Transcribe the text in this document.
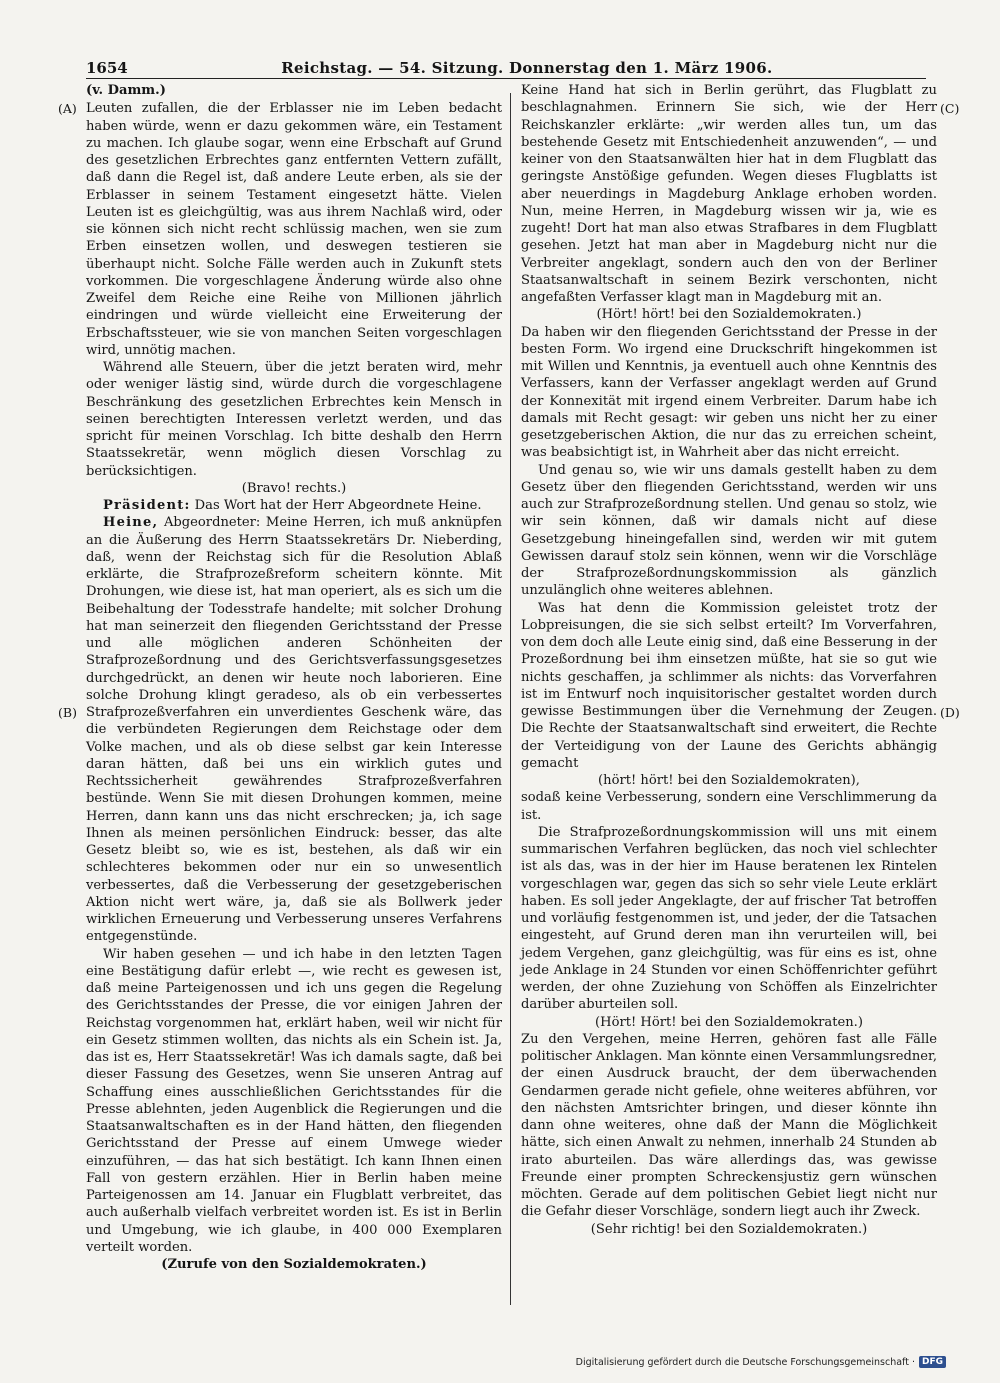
1654	Reichstag. — 54. Sitzung. Donnerstag den 1. März 1906.
(A)
(B)
(C)
(D)

(v. Damm.)

Leuten zufallen, die der Erblasser nie im Leben bedacht haben würde, wenn er dazu gekommen wäre, ein Testament zu machen. Ich glaube sogar, wenn eine Erbschaft auf Grund des gesetzlichen Erbrechtes ganz entfernten Vettern zufällt, daß dann die Regel ist, daß andere Leute erben, als sie der Erblasser in seinem Testament eingesetzt hätte. Vielen Leuten ist es gleichgültig, was aus ihrem Nachlaß wird, oder sie können sich nicht recht schlüssig machen, wen sie zum Erben einsetzen wollen, und deswegen testieren sie überhaupt nicht. Solche Fälle werden auch in Zukunft stets vorkommen. Die vorgeschlagene Änderung würde also ohne Zweifel dem Reiche eine Reihe von Millionen jährlich eindringen und würde vielleicht eine Erweiterung der Erbschaftssteuer, wie sie von manchen Seiten vorgeschlagen wird, unnötig machen.

Während alle Steuern, über die jetzt beraten wird, mehr oder weniger lästig sind, würde durch die vorgeschlagene Beschränkung des gesetzlichen Erbrechtes kein Mensch in seinen berechtigten Interessen verletzt werden, und das spricht für meinen Vorschlag. Ich bitte deshalb den Herrn Staatssekretär, wenn möglich diesen Vorschlag zu berücksichtigen.

(Bravo! rechts.)

Präsident: Das Wort hat der Herr Abgeordnete Heine.

Heine, Abgeordneter: Meine Herren, ich muß anknüpfen an die Äußerung des Herrn Staatssekretärs Dr. Nieberding, daß, wenn der Reichstag sich für die Resolution Ablaß erklärte, die Strafprozeßreform scheitern könnte. Mit Drohungen, wie diese ist, hat man operiert, als es sich um die Beibehaltung der Todesstrafe handelte; mit solcher Drohung hat man seinerzeit den fliegenden Gerichtsstand der Presse und alle möglichen anderen Schönheiten der Strafprozeßordnung und des Gerichtsverfassungsgesetzes durchgedrückt, an denen wir heute noch laborieren. Eine solche Drohung klingt geradeso, als ob ein verbessertes Strafprozeßverfahren ein unverdientes Geschenk wäre, das die verbündeten Regierungen dem Reichstage oder dem Volke machen, und als ob diese selbst gar kein Interesse daran hätten, daß bei uns ein wirklich gutes und Rechtssicherheit gewährendes Strafprozeßverfahren bestünde. Wenn Sie mit diesen Drohungen kommen, meine Herren, dann kann uns das nicht erschrecken; ja, ich sage Ihnen als meinen persönlichen Eindruck: besser, das alte Gesetz bleibt so, wie es ist, bestehen, als daß wir ein schlechteres bekommen oder nur ein so unwesentlich verbessertes, daß die Verbesserung der gesetzgeberischen Aktion nicht wert wäre, ja, daß sie als Bollwerk jeder wirklichen Erneuerung und Verbesserung unseres Verfahrens entgegenstünde.

Wir haben gesehen — und ich habe in den letzten Tagen eine Bestätigung dafür erlebt —, wie recht es gewesen ist, daß meine Parteigenossen und ich uns gegen die Regelung des Gerichtsstandes der Presse, die vor einigen Jahren der Reichstag vorgenommen hat, erklärt haben, weil wir nicht für ein Gesetz stimmen wollten, das nichts als ein Schein ist. Ja, das ist es, Herr Staatssekretär! Was ich damals sagte, daß bei dieser Fassung des Gesetzes, wenn Sie unseren Antrag auf Schaffung eines ausschließlichen Gerichtsstandes für die Presse ablehnten, jeden Augenblick die Regierungen und die Staatsanwaltschaften es in der Hand hätten, den fliegenden Gerichtsstand der Presse auf einem Umwege wieder einzuführen, — das hat sich bestätigt. Ich kann Ihnen einen Fall von gestern erzählen. Hier in Berlin haben meine Parteigenossen am 14. Januar ein Flugblatt verbreitet, das auch außerhalb vielfach verbreitet worden ist. Es ist in Berlin und Umgebung, wie ich glaube, in 400 000 Exemplaren verteilt worden.

(Zurufe von den Sozialdemokraten.)

Keine Hand hat sich in Berlin gerührt, das Flugblatt zu beschlagnahmen. Erinnern Sie sich, wie der Herr Reichskanzler erklärte: „wir werden alles tun, um das bestehende Gesetz mit Entschiedenheit anzuwenden“, — und keiner von den Staatsanwälten hier hat in dem Flugblatt das geringste Anstößige gefunden. Wegen dieses Flugblatts ist aber neuerdings in Magdeburg Anklage erhoben worden. Nun, meine Herren, in Magdeburg wissen wir ja, wie es zugeht! Dort hat man also etwas Strafbares in dem Flugblatt gesehen. Jetzt hat man aber in Magdeburg nicht nur die Verbreiter angeklagt, sondern auch den von der Berliner Staatsanwaltschaft in seinem Bezirk verschonten, nicht angefaßten Verfasser klagt man in Magdeburg mit an.

(Hört! hört! bei den Sozialdemokraten.)

Da haben wir den fliegenden Gerichtsstand der Presse in der besten Form. Wo irgend eine Druckschrift hingekommen ist mit Willen und Kenntnis, ja eventuell auch ohne Kenntnis des Verfassers, kann der Verfasser angeklagt werden auf Grund der Konnexität mit irgend einem Verbreiter. Darum habe ich damals mit Recht gesagt: wir geben uns nicht her zu einer gesetzgeberischen Aktion, die nur das zu erreichen scheint, was beabsichtigt ist, in Wahrheit aber das nicht erreicht.

Und genau so, wie wir uns damals gestellt haben zu dem Gesetz über den fliegenden Gerichtsstand, werden wir uns auch zur Strafprozeßordnung stellen. Und genau so stolz, wie wir sein können, daß wir damals nicht auf diese Gesetzgebung hineingefallen sind, werden wir mit gutem Gewissen darauf stolz sein können, wenn wir die Vorschläge der Strafprozeßordnungskommission als gänzlich unzulänglich ohne weiteres ablehnen.

Was hat denn die Kommission geleistet trotz der Lobpreisungen, die sie sich selbst erteilt? Im Vorverfahren, von dem doch alle Leute einig sind, daß eine Besserung in der Prozeßordnung bei ihm einsetzen müßte, hat sie so gut wie nichts geschaffen, ja schlimmer als nichts: das Vorverfahren ist im Entwurf noch inquisitorischer gestaltet worden durch gewisse Bestimmungen über die Vernehmung der Zeugen. Die Rechte der Staatsanwaltschaft sind erweitert, die Rechte der Verteidigung von der Laune des Gerichts abhängig gemacht

(hört! hört! bei den Sozialdemokraten),

sodaß keine Verbesserung, sondern eine Verschlimmerung da ist.

Die Strafprozeßordnungskommission will uns mit einem summarischen Verfahren beglücken, das noch viel schlechter ist als das, was in der hier im Hause beratenen lex Rintelen vorgeschlagen war, gegen das sich so sehr viele Leute erklärt haben. Es soll jeder Angeklagte, der auf frischer Tat betroffen und vorläufig festgenommen ist, und jeder, der die Tatsachen eingesteht, auf Grund deren man ihn verurteilen will, bei jedem Vergehen, ganz gleichgültig, was für eins es ist, ohne jede Anklage in 24 Stunden vor einen Schöffenrichter geführt werden, der ohne Zuziehung von Schöffen als Einzelrichter darüber aburteilen soll.

(Hört! Hört! bei den Sozialdemokraten.)

Zu den Vergehen, meine Herren, gehören fast alle Fälle politischer Anklagen. Man könnte einen Versammlungsredner, der einen Ausdruck braucht, der dem überwachenden Gendarmen gerade nicht gefiele, ohne weiteres abführen, vor den nächsten Amtsrichter bringen, und dieser könnte ihn dann ohne weiteres, ohne daß der Mann die Möglichkeit hätte, sich einen Anwalt zu nehmen, innerhalb 24 Stunden ab irato aburteilen. Das wäre allerdings das, was gewisse Freunde einer prompten Schreckensjustiz gern wünschen möchten. Gerade auf dem politischen Gebiet liegt nicht nur die Gefahr dieser Vorschläge, sondern liegt auch ihr Zweck.

(Sehr richtig! bei den Sozialdemokraten.)

Digitalisierung gefördert durch die Deutsche Forschungsgemeinschaft · DFG
